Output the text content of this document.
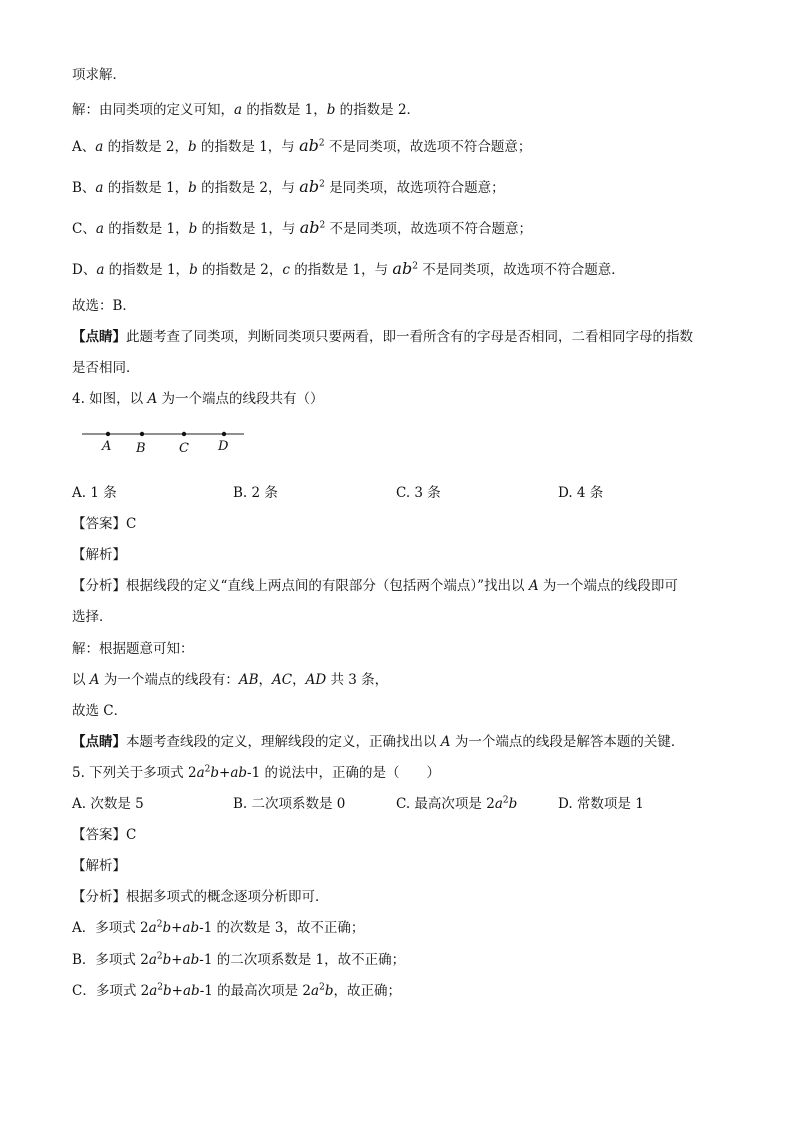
项求解．
解：由同类项的定义可知，a 的指数是 1，b 的指数是 2．
A、a 的指数是 2，b 的指数是 1，与 $ab^2$ 不是同类项，故选项不符合题意；
B、a 的指数是 1，b 的指数是 2，与 $ab^2$ 是同类项，故选项符合题意；
C、a 的指数是 1，b 的指数是 1，与 $ab^2$ 不是同类项，故选项不符合题意；
D、a 的指数是 1，b 的指数是 2，c 的指数是 1，与 $ab^2$ 不是同类项，故选项不符合题意．
故选：B．
【点睛】此题考查了同类项，判断同类项只要两看，即一看所含有的字母是否相同，二看相同字母的指数
是否相同．
4. 如图，以 A 为一个端点的线段共有（）
A B	C D
A. 1 条	B. 2 条	C. 3 条	D. 4 条
【答案】C
【解析】
【分析】根据线段的定义“直线上两点间的有限部分（包括两个端点）”找出以 A 为一个端点的线段即可
选择．
解：根据题意可知：
以 A 为一个端点的线段有：AB，AC，AD 共 3 条，
故选 C．
【点睛】本题考查线段的定义，理解线段的定义，正确找出以 A 为一个端点的线段是解答本题的关键．
5. 下列关于多项式 $2a^2b+ab-1$ 的说法中，正确的是（　　）
A. 次数是 5	B. 二次项系数是 0	C. 最高次项是 $2a^2b$	D. 常数项是 1
【答案】C
【解析】
【分析】根据多项式的概念逐项分析即可．
A．多项式 $2a^2b+ab-1$ 的次数是 3，故不正确；
B．多项式 $2a^2b+ab-1$ 的二次项系数是 1，故不正确；
C．多项式 $2a^2b+ab-1$ 的最高次项是 $2a^2b$，故正确；
